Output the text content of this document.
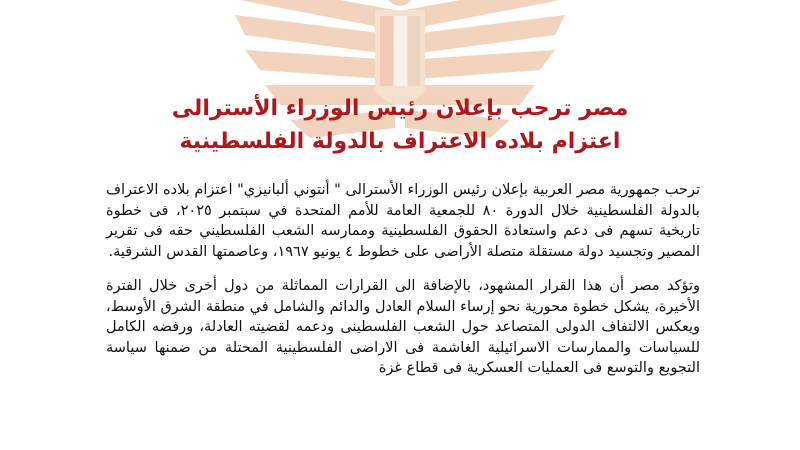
مصر ترحب بإعلان رئيس الوزراء الأسترالى
اعتزام بلاده الاعتراف بالدولة الفلسطينية

ترحب جمهورية مصر العربية بإعلان رئيس الوزراء الأسترالى " أنتوني ألبانيزي" اعتزام بلاده الاعتراف بالدولة الفلسطينية خلال الدورة ٨٠ للجمعية العامة للأمم المتحدة في سبتمبر ٢٠٢٥، فى خطوة تاريخية تسهم فى دعم واستعادة الحقوق الفلسطينية وممارسه الشعب الفلسطيني حقه فى تقرير المصير وتجسيد دولة مستقلة متصلة الأراضى على خطوط ٤ يونيو ١٩٦٧، وعاصمتها القدس الشرقية.

وتؤكد مصر أن هذا القرار المشهود، بالإضافة الى القرارات المماثلة من دول أخرى خلال الفترة الأخيرة، يشكل خطوة محورية نحو إرساء السلام العادل والدائم والشامل في منطقة الشرق الأوسط، ويعكس الالتفاف الدولى المتصاعد حول الشعب الفلسطينى ودعمه لقضيته العادلة، ورفضه الكامل للسياسات والممارسات الاسرائيلية الغاشمة فى الاراضى الفلسطينية المحتلة من ضمنها سياسة التجويع والتوسع فى العمليات العسكرية فى قطاع غزة
